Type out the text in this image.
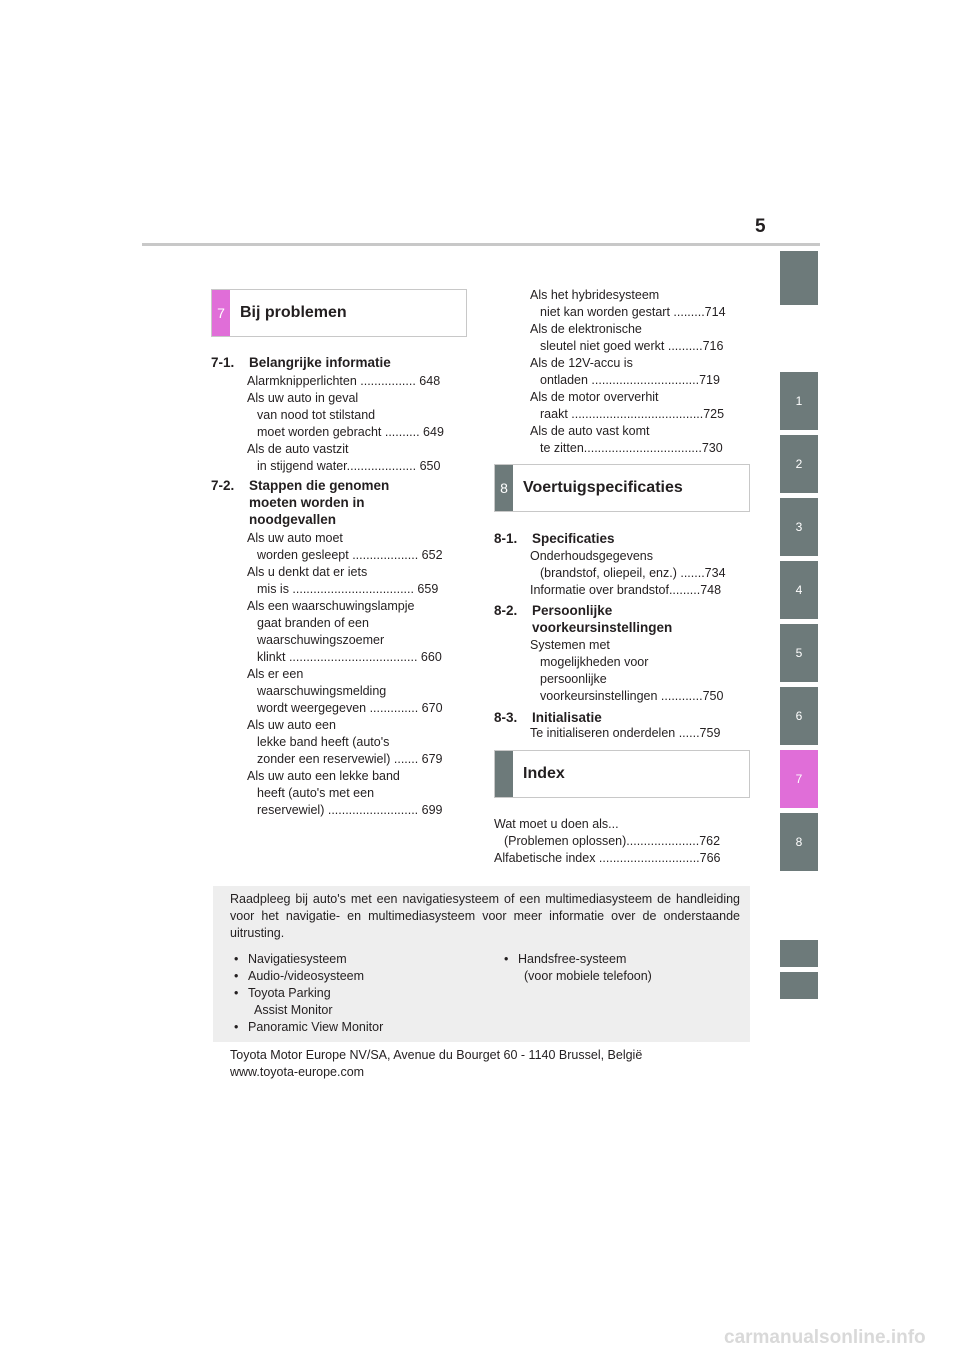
5
1
2
3
4
5
6
7
8
7 Bij problemen
7-1. Belangrijke informatie
Alarmknipperlichten ................ 648
Als uw auto in geval
van nood tot stilstand
moet worden gebracht .......... 649
Als de auto vastzit
in stijgend water.................... 650
7-2. Stappen die genomen
moeten worden in
noodgevallen
Als uw auto moet
worden gesleept ................... 652
Als u denkt dat er iets
mis is ................................... 659
Als een waarschuwingslampje
gaat branden of een
waarschuwingszoemer
klinkt ..................................... 660
Als er een
waarschuwingsmelding
wordt weergegeven .............. 670
Als uw auto een
lekke band heeft (auto's
zonder een reservewiel) ....... 679
Als uw auto een lekke band
heeft (auto's met een
reservewiel) .......................... 699
Als het hybridesysteem
niet kan worden gestart .........714
Als de elektronische
sleutel niet goed werkt ..........716
Als de 12V-accu is
ontladen ...............................719
Als de motor oververhit
raakt ......................................725
Als de auto vast komt
te zitten..................................730
8 Voertuigspecificaties
8-1. Specificaties
Onderhoudsgegevens
(brandstof, oliepeil, enz.) .......734
Informatie over brandstof.........748
8-2. Persoonlijke
voorkeursinstellingen
Systemen met
mogelijkheden voor
persoonlijke
voorkeursinstellingen ............750
8-3. Initialisatie
Te initialiseren onderdelen ......759
Index
Wat moet u doen als...
(Problemen oplossen).....................762
Alfabetische index .............................766
Raadpleeg bij auto's met een navigatiesysteem of een multimediasysteem de handleiding voor het navigatie- en multimediasysteem voor meer informatie over de onderstaande uitrusting.
• Navigatiesysteem
• Audio-/videosysteem
• Toyota Parking
Assist Monitor
• Panoramic View Monitor
• Handsfree-systeem
(voor mobiele telefoon)
Toyota Motor Europe NV/SA, Avenue du Bourget 60 - 1140 Brussel, België
www.toyota-europe.com
carmanualsonline.info
